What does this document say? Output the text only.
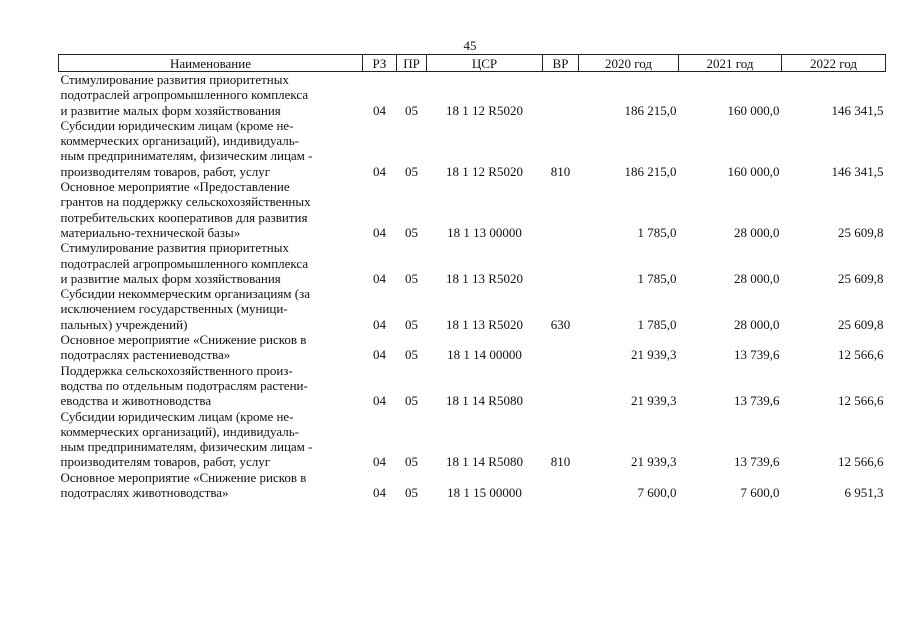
45
Наименование	РЗ	ПР	ЦСР	ВР	2020 год	2021 год	2022 год

Стимулирование развития приоритетных
подотраслей агропромышленного комплекса
и развитие малых форм хозяйствования	04	05	18 1 12 R5020		186 215,0	160 000,0	146 341,5

Субсидии юридическим лицам (кроме не-
коммерческих организаций), индивидуаль-
ным предпринимателям, физическим лицам -
производителям товаров, работ, услуг	04	05	18 1 12 R5020	810	186 215,0	160 000,0	146 341,5

Основное мероприятие «Предоставление
грантов на поддержку сельскохозяйственных
потребительских кооперативов для развития
материально-технической базы»	04	05	18 1 13 00000		1 785,0	28 000,0	25 609,8

Стимулирование развития приоритетных
подотраслей агропромышленного комплекса
и развитие малых форм хозяйствования	04	05	18 1 13 R5020		1 785,0	28 000,0	25 609,8

Субсидии некоммерческим организациям (за
исключением государственных (муници-
пальных) учреждений)	04	05	18 1 13 R5020	630	1 785,0	28 000,0	25 609,8

Основное мероприятие «Снижение рисков в
подотраслях растениеводства»	04	05	18 1 14 00000		21 939,3	13 739,6	12 566,6

Поддержка сельскохозяйственного произ-
водства по отдельным подотраслям растени-
еводства и животноводства	04	05	18 1 14 R5080		21 939,3	13 739,6	12 566,6

Субсидии юридическим лицам (кроме не-
коммерческих организаций), индивидуаль-
ным предпринимателям, физическим лицам -
производителям товаров, работ, услуг	04	05	18 1 14 R5080	810	21 939,3	13 739,6	12 566,6

Основное мероприятие «Снижение рисков в
подотраслях животноводства»	04	05	18 1 15 00000		7 600,0	7 600,0	6 951,3
